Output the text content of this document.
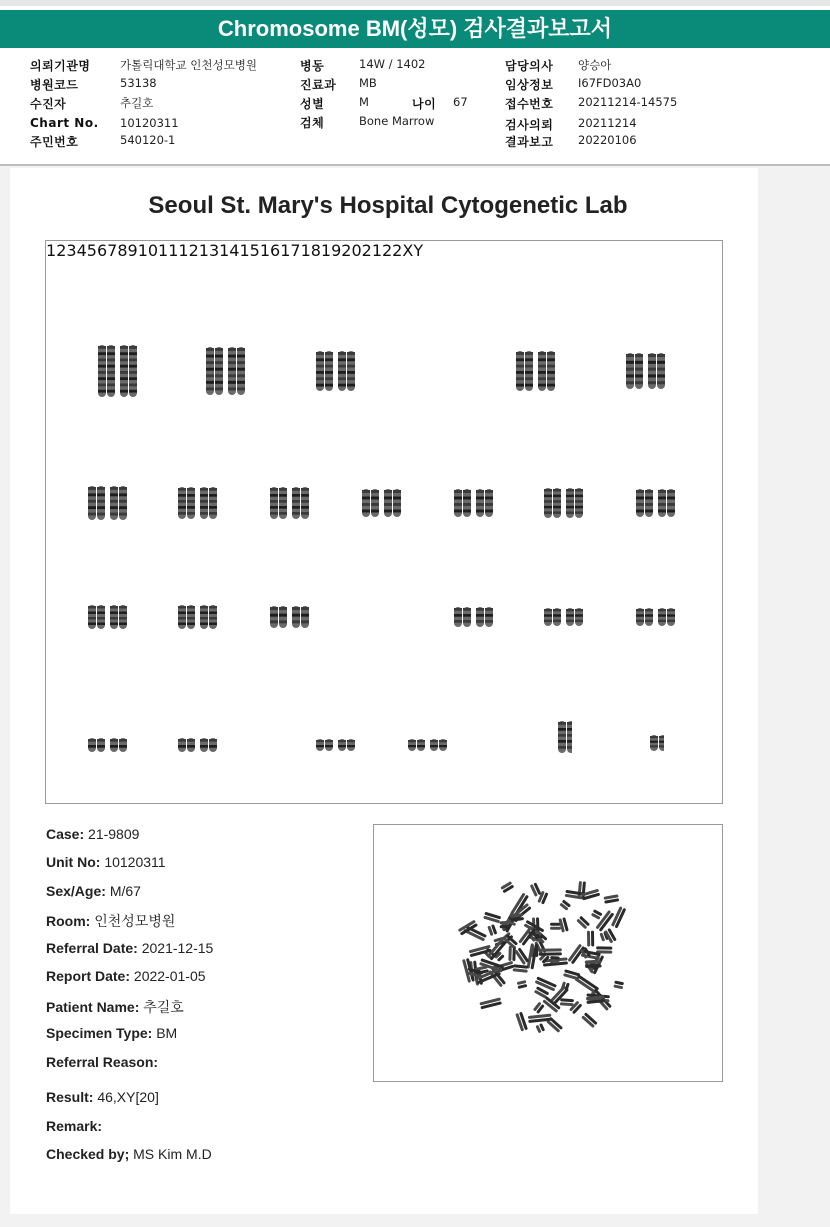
Chromosome BM(성모) 검사결과보고서
의뢰기관명	가톨릭대학교 인천성모병원
병원코드	53138
수진자	추길호
Chart No. 10120311
주민번호	540120-1
병동	14W / 1402
진료과 MB
성별	M	나이 67
검체	Bone Marrow
담당의사 양승아
임상정보 I67FD03A0
접수번호 20211214-14575
검사의뢰 20211214
결과보고 20220106
Seoul St. Mary's Hospital Cytogenetic Lab
1
2
3
4
5
6
7
8
9
10
11
12
13
14
15
16
17
18
19
20
21
22
X
Y
Case: 21-9809
Unit No: 10120311
Sex/Age: M/67
Room: 인천성모병원
Referral Date: 2021-12-15
Report Date: 2022-01-05
Patient Name: 추길호
Specimen Type: BM
Referral Reason:
Result: 46,XY[20]
Remark:
Checked by; MS Kim M.D
